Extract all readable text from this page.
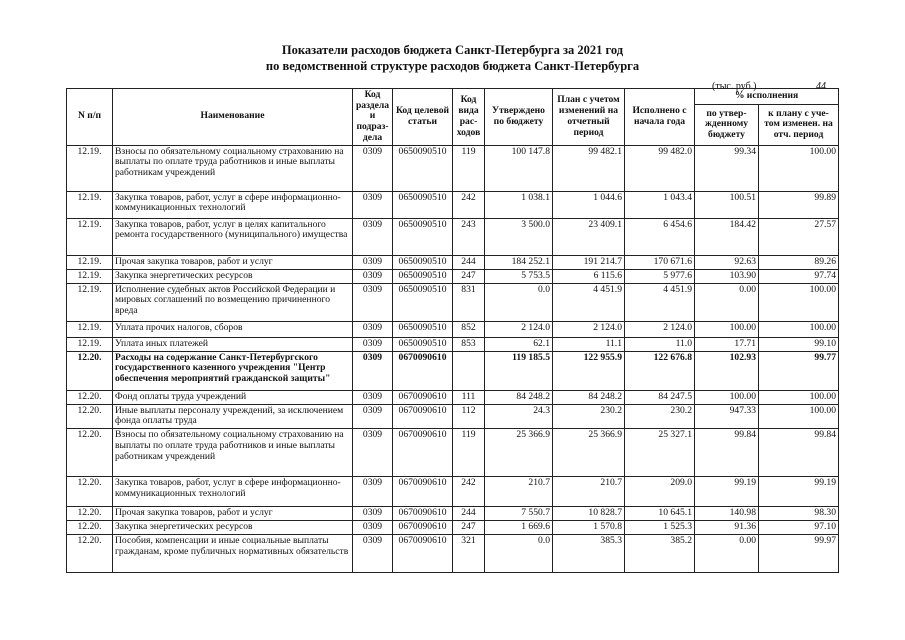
Показатели расходов бюджета Санкт-Петербурга за 2021 год
по ведомственной структуре расходов бюджета Санкт-Петербурга
(тыс. руб.)	44
N п/п	Наименование	Код раздела и подраз-дела	Код целевой статьи	Код вида рас-ходов	Утверждено по бюджету	План с учетом изменений на отчетный период	Исполнено с начала года	% исполнения	
								по утвер-жденному бюджету	к плану с уче-том изменен. на отч. период
12.19.	Взносы по обязательному социальному страхованию на выплаты по оплате труда работников и иные выплаты работникам учреждений	0309	0650090510	119	100 147.8	99 482.1	99 482.0	99.34	100.00
12.19.	Закупка товаров, работ, услуг в сфере информационно-коммуникационных технологий	0309	0650090510	242	1 038.1	1 044.6	1 043.4	100.51	99.89
12.19.	Закупка товаров, работ, услуг в целях капитального ремонта государственного (муниципального) имущества	0309	0650090510	243	3 500.0	23 409.1	6 454.6	184.42	27.57
12.19.	Прочая закупка товаров, работ и услуг	0309	0650090510	244	184 252.1	191 214.7	170 671.6	92.63	89.26
12.19.	Закупка энергетических ресурсов	0309	0650090510	247	5 753.5	6 115.6	5 977.6	103.90	97.74
12.19.	Исполнение судебных актов Российской Федерации и мировых соглашений по возмещению причиненного вреда	0309	0650090510	831	0.0	4 451.9	4 451.9	0.00	100.00
12.19.	Уплата прочих налогов, сборов	0309	0650090510	852	2 124.0	2 124.0	2 124.0	100.00	100.00
12.19.	Уплата иных платежей	0309	0650090510	853	62.1	11.1	11.0	17.71	99.10
12.20.	Расходы на содержание Санкт-Петербургского государственного казенного учреждения "Центр обеспечения мероприятий гражданской защиты"	0309	0670090610		119 185.5	122 955.9	122 676.8	102.93	99.77
12.20.	Фонд оплаты труда учреждений	0309	0670090610	111	84 248.2	84 248.2	84 247.5	100.00	100.00
12.20.	Иные выплаты персоналу учреждений, за исключением фонда оплаты труда	0309	0670090610	112	24.3	230.2	230.2	947.33	100.00
12.20.	Взносы по обязательному социальному страхованию на выплаты по оплате труда работников и иные выплаты работникам учреждений	0309	0670090610	119	25 366.9	25 366.9	25 327.1	99.84	99.84
12.20.	Закупка товаров, работ, услуг в сфере информационно-коммуникационных технологий	0309	0670090610	242	210.7	210.7	209.0	99.19	99.19
12.20.	Прочая закупка товаров, работ и услуг	0309	0670090610	244	7 550.7	10 828.7	10 645.1	140.98	98.30
12.20.	Закупка энергетических ресурсов	0309	0670090610	247	1 669.6	1 570.8	1 525.3	91.36	97.10
12.20.	Пособия, компенсации и иные социальные выплаты гражданам, кроме публичных нормативных обязательств	0309	0670090610	321	0.0	385.3	385.2	0.00	99.97
